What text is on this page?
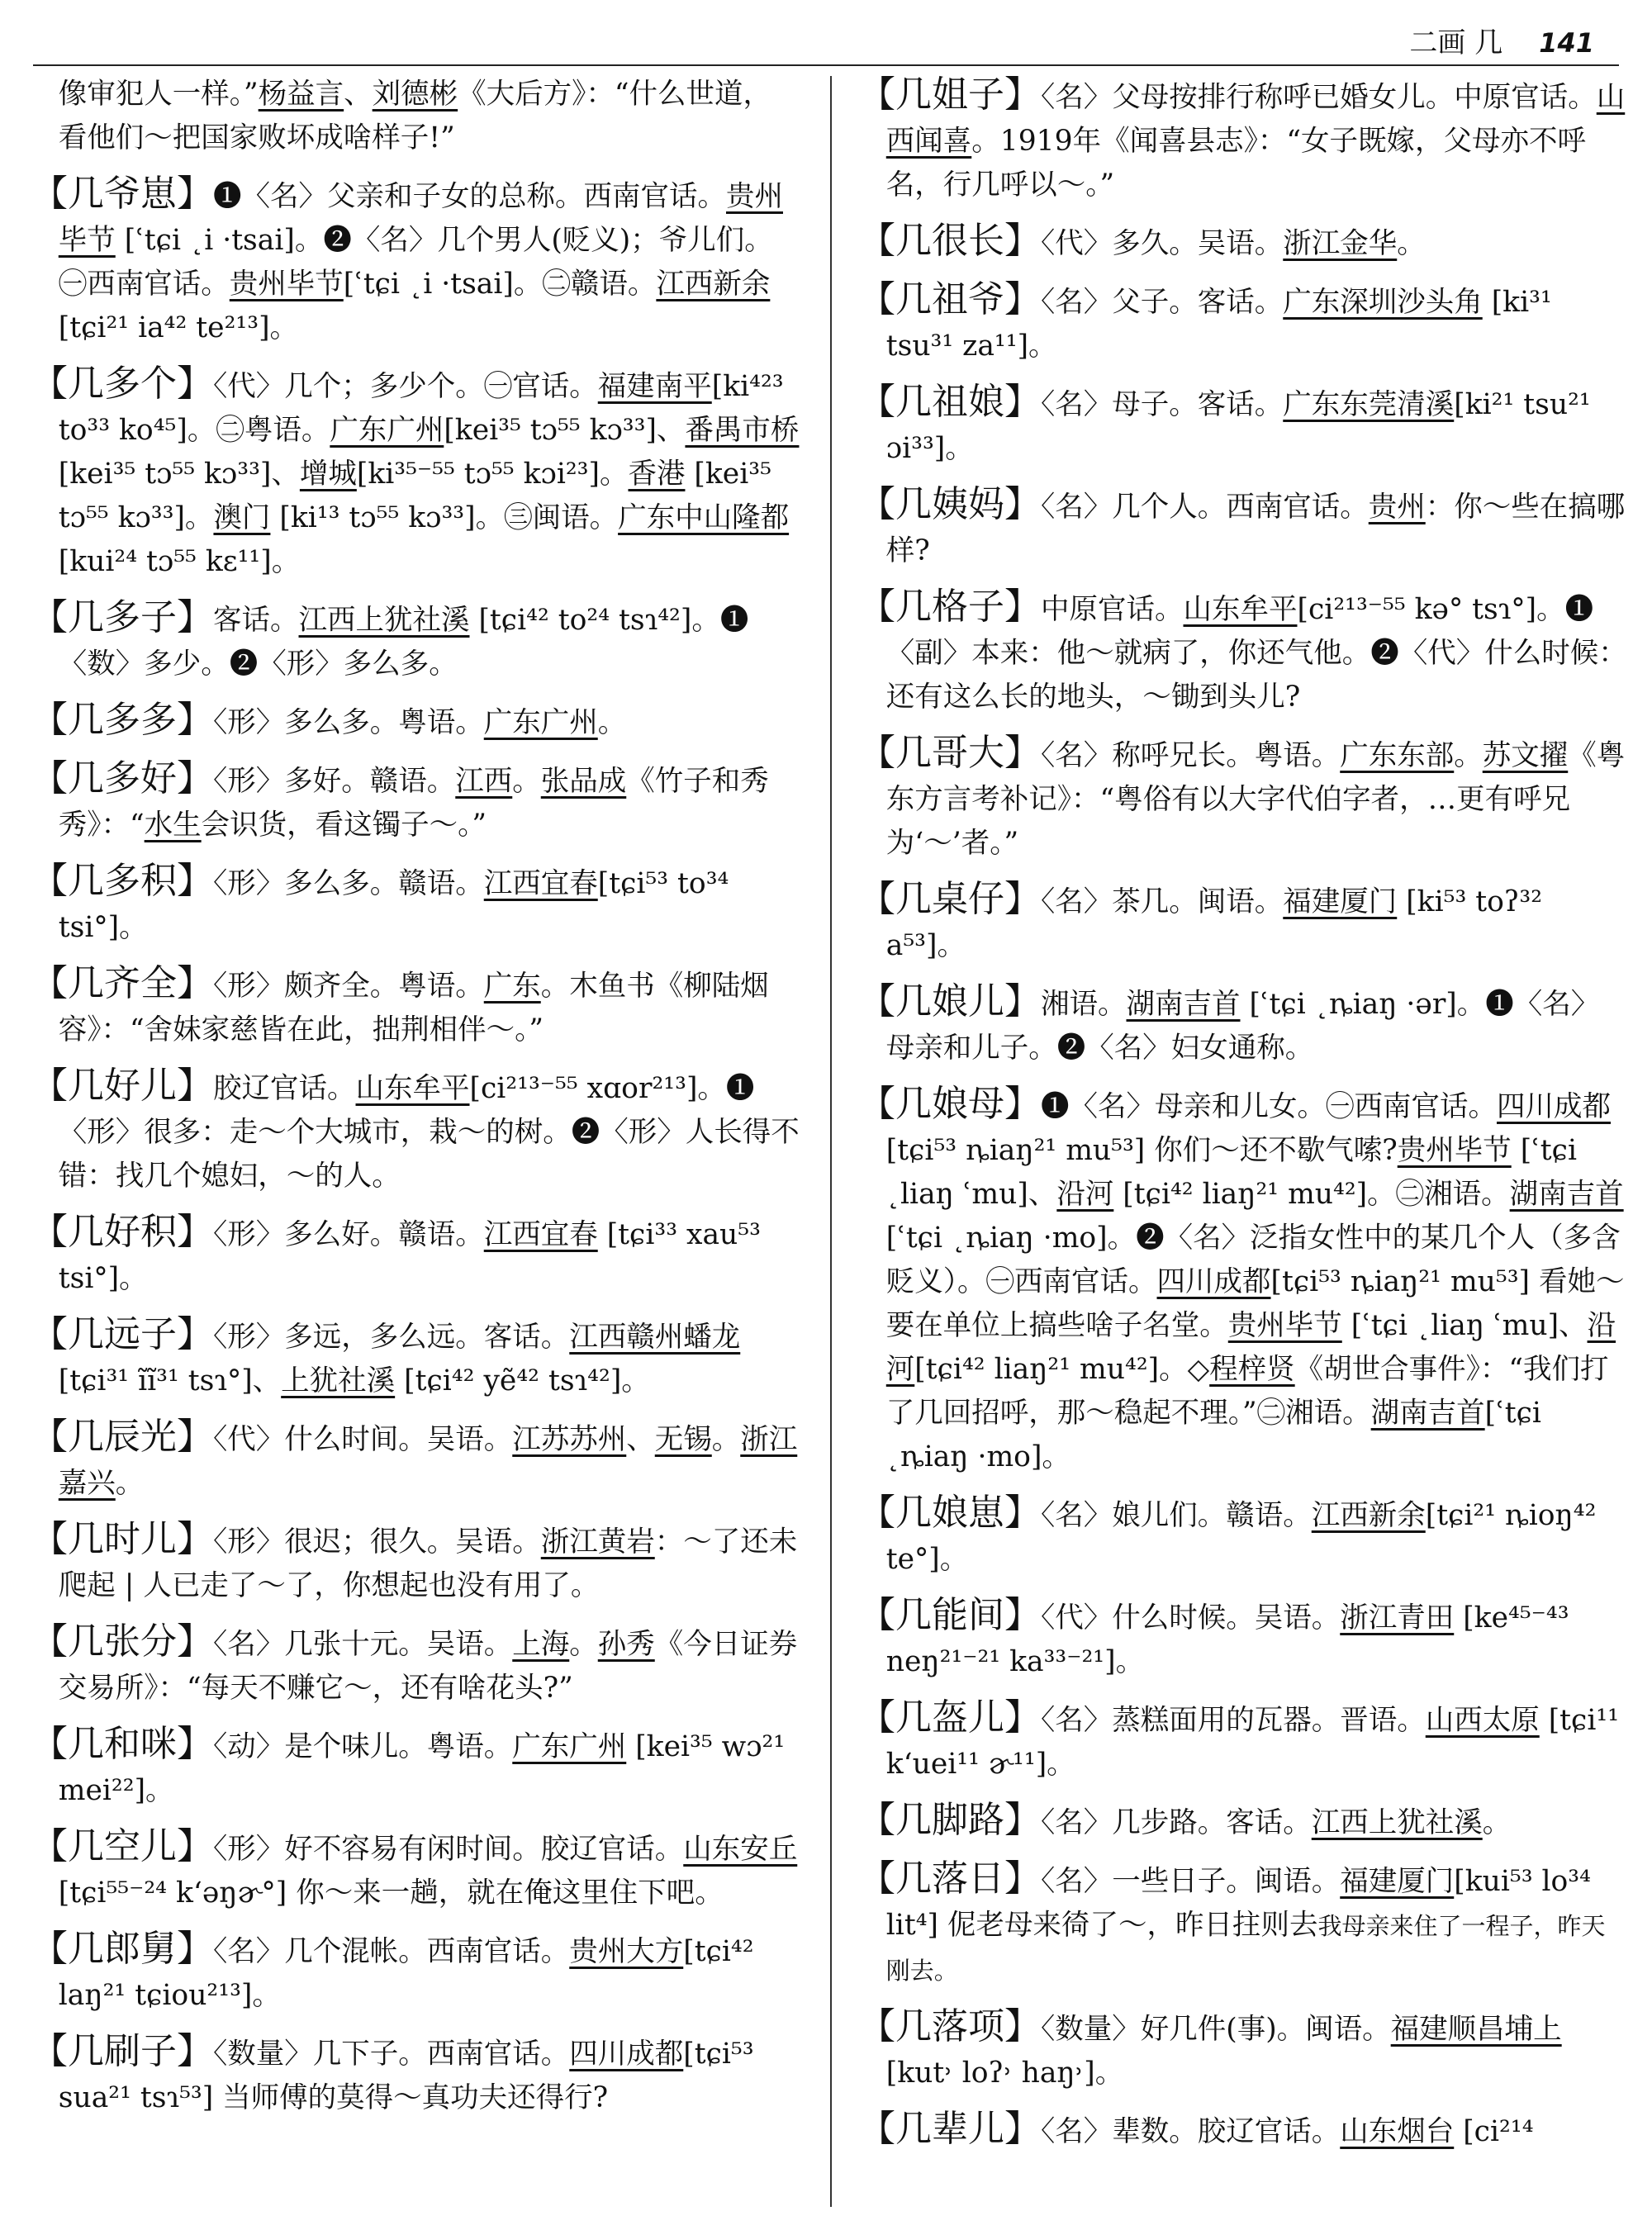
二画 几 141

像审犯人一样。”杨益言、刘德彬《大后方》：“什么世道，看他们～把国家败坏成啥样子!”

【几爷崽】❶〈名〉父亲和子女的总称。西南官话。贵州毕节 [ʿtɕi ˛i ·tsai]。❷〈名〉几个男人(贬义)；爷儿们。㊀西南官话。贵州毕节[ʿtɕi ˛i ·tsai]。㊁赣语。江西新余 [tɕi²¹ ia⁴² te²¹³]。

【几多个】〈代〉几个；多少个。㊀官话。福建南平[ki⁴²³ to³³ ko⁴⁵]。㊁粤语。广东广州[kei³⁵ tɔ⁵⁵ kɔ³³]、番禺市桥[kei³⁵ tɔ⁵⁵ kɔ³³]、增城[ki³⁵⁻⁵⁵ tɔ⁵⁵ kɔi²³]。香港 [kei³⁵ tɔ⁵⁵ kɔ³³]。澳门 [ki¹³ tɔ⁵⁵ kɔ³³]。㊂闽语。广东中山隆都[kui²⁴ tɔ⁵⁵ kɛ¹¹]。

【几多子】客话。江西上犹社溪 [tɕi⁴² to²⁴ tsɿ⁴²]。❶〈数〉多少。❷〈形〉多么多。

【几多多】〈形〉多么多。粤语。广东广州。

【几多好】〈形〉多好。赣语。江西。张品成《竹子和秀秀》：“水生会识货，看这镯子～。”

【几多积】〈形〉多么多。赣语。江西宜春[tɕi⁵³ to³⁴ tsi°]。

【几齐全】〈形〉颇齐全。粤语。广东。木鱼书《柳陆烟容》：“舍妹家慈皆在此，拙荆相伴～。”

【几好儿】胶辽官话。山东牟平[ci²¹³⁻⁵⁵ xɑor²¹³]。❶〈形〉很多：走～个大城市，栽～的树。❷〈形〉人长得不错：找几个媳妇，～的人。

【几好积】〈形〉多么好。赣语。江西宜春 [tɕi³³ xau⁵³ tsi°]。

【几远子】〈形〉多远，多么远。客话。江西赣州蟠龙[tɕi³¹ ĩĩ³¹ tsɿ°]、上犹社溪 [tɕi⁴² yẽ⁴² tsɿ⁴²]。

【几辰光】〈代〉什么时间。吴语。江苏苏州、无锡。浙江嘉兴。

【几时儿】〈形〉很迟；很久。吴语。浙江黄岩：～了还未爬起 | 人已走了～了，你想起也没有用了。

【几张分】〈名〉几张十元。吴语。上海。孙秀《今日证券交易所》：“每天不赚它～，还有啥花头?”

【几和咪】〈动〉是个味儿。粤语。广东广州 [kei³⁵ wɔ²¹ mei²²]。

【几空儿】〈形〉好不容易有闲时间。胶辽官话。山东安丘 [tɕi⁵⁵⁻²⁴ kʻəŋɚ°] 你～来一趟，就在俺这里住下吧。

【几郎舅】〈名〉几个混帐。西南官话。贵州大方[tɕi⁴² laŋ²¹ tɕiou²¹³]。

【几刷子】〈数量〉几下子。西南官话。四川成都[tɕi⁵³ sua²¹ tsɿ⁵³] 当师傅的莫得～真功夫还得行?

【几姐子】〈名〉父母按排行称呼已婚女儿。中原官话。山西闻喜。1919年《闻喜县志》：“女子既嫁，父母亦不呼名，行几呼以～。”

【几很长】〈代〉多久。吴语。浙江金华。

【几祖爷】〈名〉父子。客话。广东深圳沙头角 [ki³¹ tsu³¹ za¹¹]。

【几祖娘】〈名〉母子。客话。广东东莞清溪[ki²¹ tsu²¹ ɔi³³]。

【几姨妈】〈名〉几个人。西南官话。贵州：你～些在搞哪样?

【几格子】中原官话。山东牟平[ci²¹³⁻⁵⁵ kə° tsɿ°]。❶〈副〉本来：他～就病了，你还气他。❷〈代〉什么时候：还有这么长的地头，～锄到头儿?

【几哥大】〈名〉称呼兄长。粤语。广东东部。苏文擢《粤东方言考补记》：“粤俗有以大字代伯字者，…更有呼兄为‘～’者。”

【几桌仔】〈名〉茶几。闽语。福建厦门 [ki⁵³ toʔ³² a⁵³]。

【几娘儿】湘语。湖南吉首 [ʿtɕi ˛ȵiaŋ ·ər]。❶〈名〉母亲和儿子。❷〈名〉妇女通称。

【几娘母】❶〈名〉母亲和儿女。㊀西南官话。四川成都 [tɕi⁵³ ȵiaŋ²¹ mu⁵³] 你们～还不歇气嗦?贵州毕节 [ʿtɕi ˛liaŋ ʿmu]、沿河 [tɕi⁴² liaŋ²¹ mu⁴²]。㊁湘语。湖南吉首[ʿtɕi ˛ȵiaŋ ·mo]。❷〈名〉泛指女性中的某几个人（多含贬义）。㊀西南官话。四川成都[tɕi⁵³ ȵiaŋ²¹ mu⁵³] 看她～要在单位上搞些啥子名堂。贵州毕节 [ʿtɕi ˛liaŋ ʿmu]、沿河[tɕi⁴² liaŋ²¹ mu⁴²]。◇程梓贤《胡世合事件》：“我们打了几回招呼，那～稳起不理。”㊁湘语。湖南吉首[ʿtɕi ˛ȵiaŋ ·mo]。

【几娘崽】〈名〉娘儿们。赣语。江西新余[tɕi²¹ ȵioŋ⁴² te°]。

【几能间】〈代〉什么时候。吴语。浙江青田 [ke⁴⁵⁻⁴³ neŋ²¹⁻²¹ ka³³⁻²¹]。

【几盔儿】〈名〉蒸糕面用的瓦器。晋语。山西太原 [tɕi¹¹ kʻuei¹¹ ɚ¹¹]。

【几脚路】〈名〉几步路。客话。江西上犹社溪。

【几落日】〈名〉一些日子。闽语。福建厦门[kui⁵³ lo³⁴ lit⁴] 伲老母来徛了～，昨日拄则去我母亲来住了一程子，昨天刚去。

【几落项】〈数量〉好几件(事)。闽语。福建顺昌埔上 [kut˒ loʔ˒ haŋ˒]。

【几辈儿】〈名〉辈数。胶辽官话。山东烟台 [ci²¹⁴
